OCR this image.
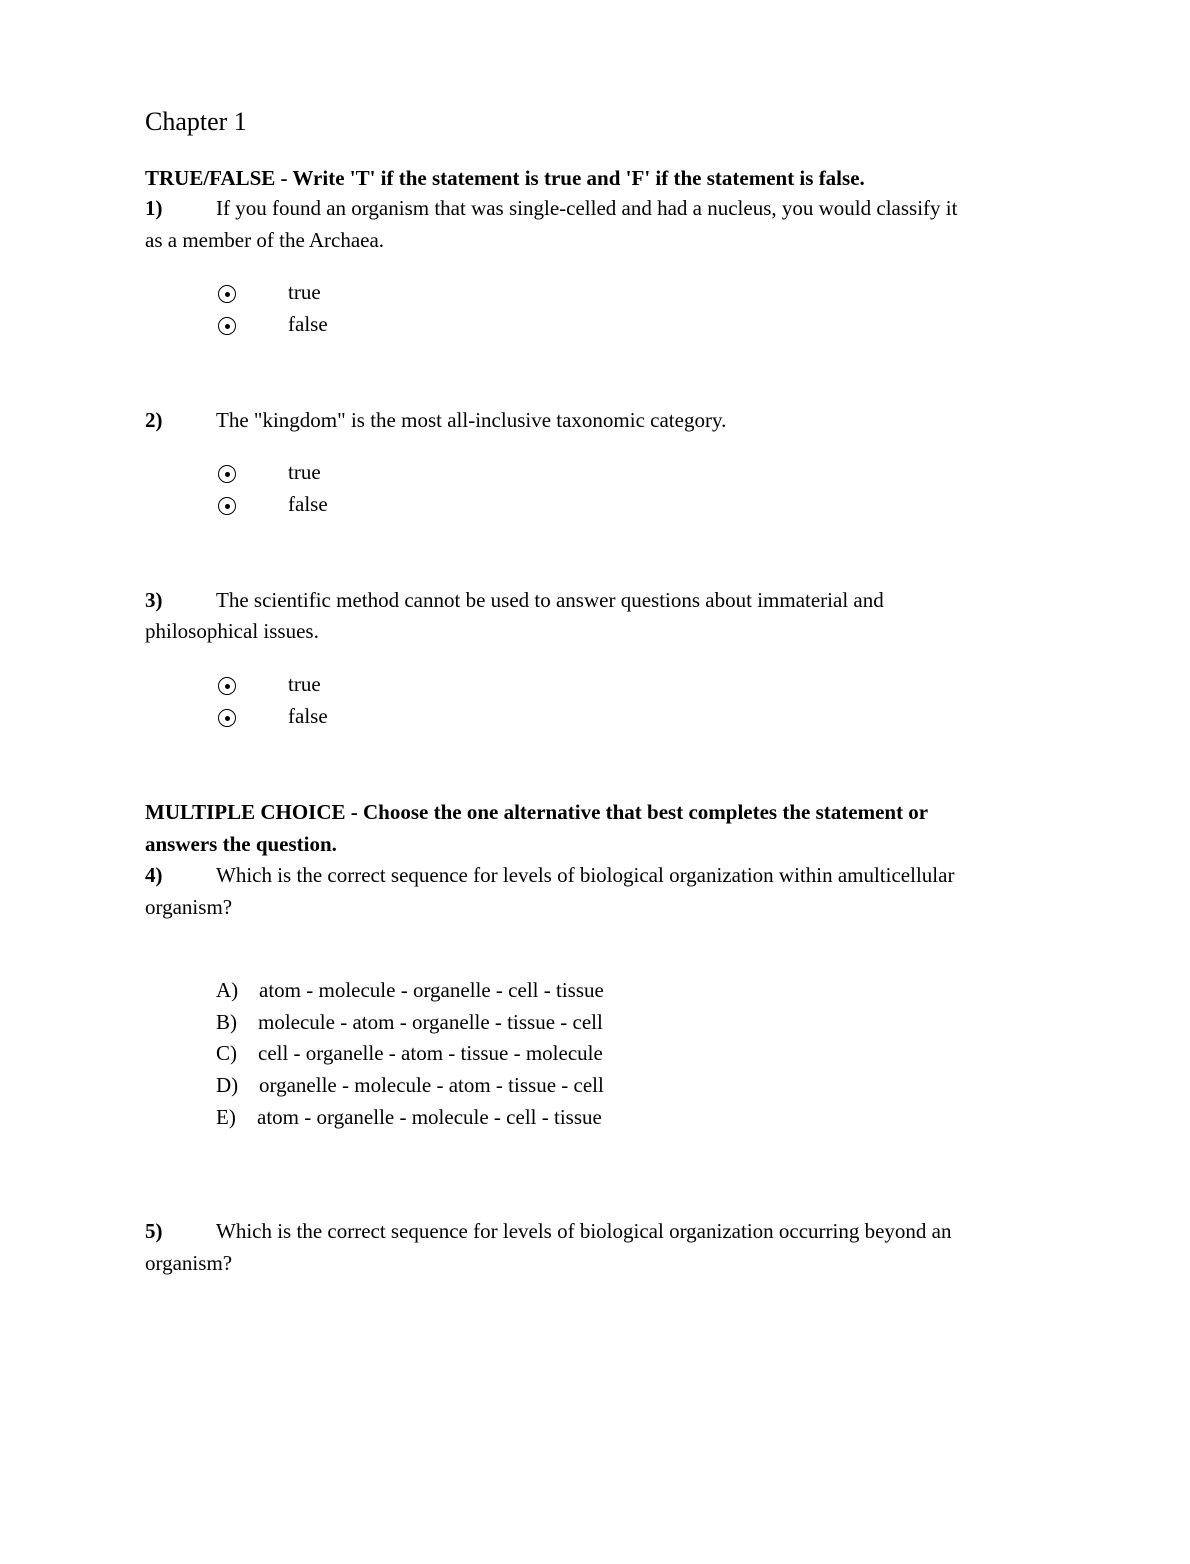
Chapter 1
TRUE/FALSE - Write 'T' if the statement is true and 'F' if the statement is false.
1)	If you found an organism that was single-celled and had a nucleus, you would classify it
as a member of the Archaea.
true
false
2)	The "kingdom" is the most all-inclusive taxonomic category.
true
false
3)	The scientific method cannot be used to answer questions about immaterial and
philosophical issues.
true
false
MULTIPLE CHOICE - Choose the one alternative that best completes the statement or
answers the question.
4)	Which is the correct sequence for levels of biological organization within amulticellular
organism?
A) atom - molecule - organelle - cell - tissue
B) molecule - atom - organelle - tissue - cell
C) cell - organelle - atom - tissue - molecule
D) organelle - molecule - atom - tissue - cell
E) atom - organelle - molecule - cell - tissue
5)	Which is the correct sequence for levels of biological organization occurring beyond an
organism?
